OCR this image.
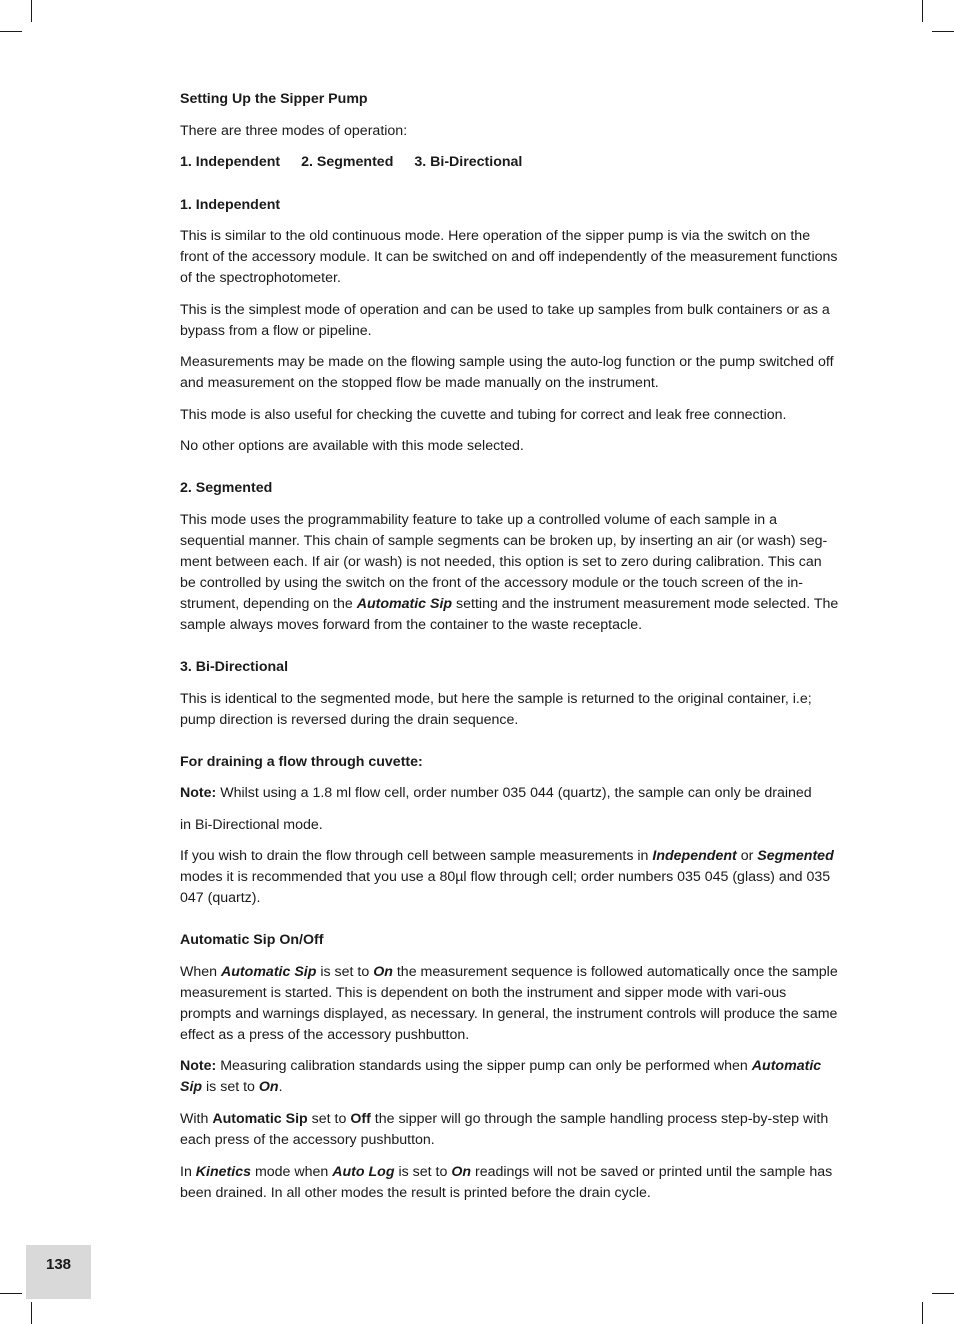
Setting Up the Sipper Pump

There are three modes of operation:

1. Independent 2. Segmented 3. Bi-Directional

1. Independent

This is similar to the old continuous mode. Here operation of the sipper pump is via the switch on the front of the accessory module. It can be switched on and off independently of the measurement functions of the spectrophotometer.

This is the simplest mode of operation and can be used to take up samples from bulk containers or as a bypass from a flow or pipeline.

Measurements may be made on the flowing sample using the auto-log function or the pump switched off and measurement on the stopped flow be made manually on the instrument.

This mode is also useful for checking the cuvette and tubing for correct and leak free connection.

No other options are available with this mode selected.

2. Segmented

This mode uses the programmability feature to take up a controlled volume of each sample in a sequential manner. This chain of sample segments can be broken up, by inserting an air (or wash) seg-ment between each. If air (or wash) is not needed, this option is set to zero during calibration. This can be controlled by using the switch on the front of the accessory module or the touch screen of the in-strument, depending on the Automatic Sip setting and the instrument measurement mode selected. The sample always moves forward from the container to the waste receptacle.

3. Bi-Directional

This is identical to the segmented mode, but here the sample is returned to the original container, i.e; pump direction is reversed during the drain sequence.

For draining a flow through cuvette:

Note: Whilst using a 1.8 ml flow cell, order number 035 044 (quartz), the sample can only be drained

in Bi-Directional mode.

If you wish to drain the flow through cell between sample measurements in Independent or Segmented modes it is recommended that you use a 80µl flow through cell; order numbers 035 045 (glass) and 035 047 (quartz).

Automatic Sip On/Off

When Automatic Sip is set to On the measurement sequence is followed automatically once the sample measurement is started. This is dependent on both the instrument and sipper mode with vari-ous prompts and warnings displayed, as necessary. In general, the instrument controls will produce the same effect as a press of the accessory pushbutton.

Note: Measuring calibration standards using the sipper pump can only be performed when Automatic Sip is set to On.

With Automatic Sip set to Off the sipper will go through the sample handling process step-by-step with each press of the accessory pushbutton.

In Kinetics mode when Auto Log is set to On readings will not be saved or printed until the sample has been drained. In all other modes the result is printed before the drain cycle.

138
